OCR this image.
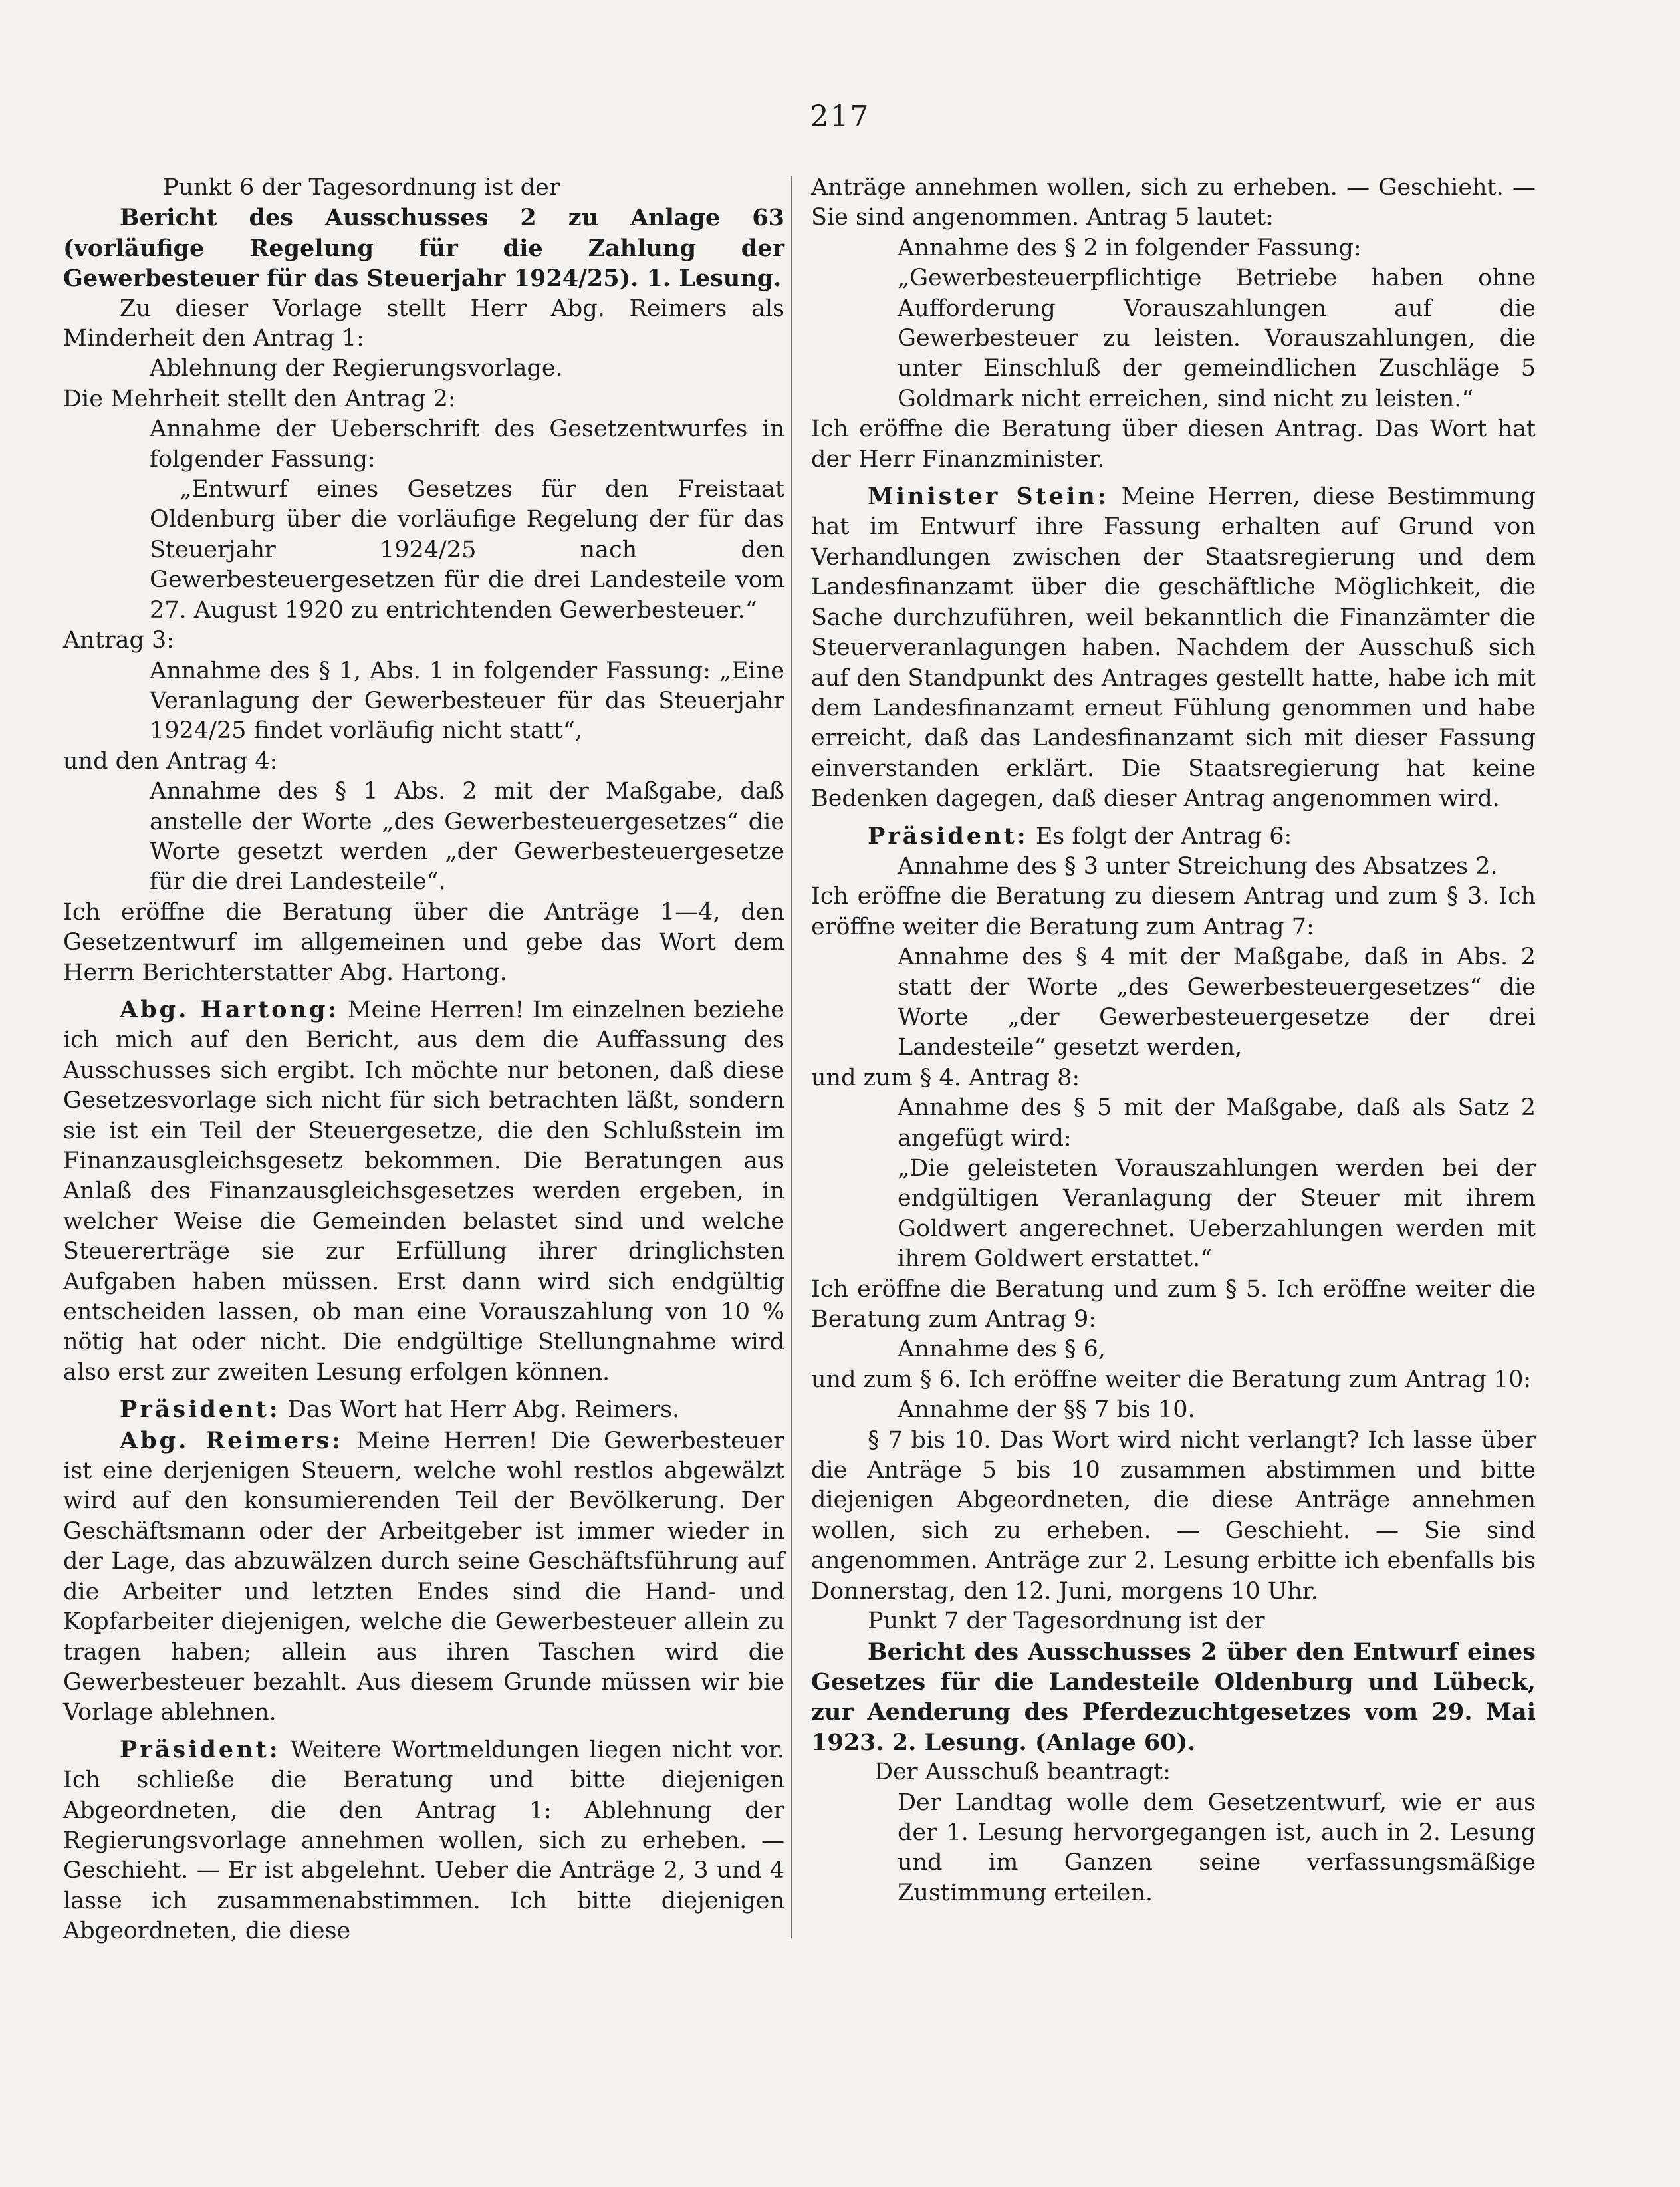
217

Punkt 6 der Tagesordnung ist der

Bericht des Ausschusses 2 zu Anlage 63 (vorläufige Regelung für die Zahlung der Gewerbesteuer für das Steuerjahr 1924/25). 1. Lesung.

Zu dieser Vorlage stellt Herr Abg. Reimers als Minderheit den Antrag 1:

Ablehnung der Regierungsvorlage.

Die Mehrheit stellt den Antrag 2:

Annahme der Ueberschrift des Gesetzentwurfes in folgender Fassung:

„Entwurf eines Gesetzes für den Freistaat Oldenburg über die vorläufige Regelung der für das Steuerjahr 1924/25 nach den Gewerbesteuergesetzen für die drei Landesteile vom 27. August 1920 zu entrichtenden Gewerbesteuer.“

Antrag 3:

Annahme des § 1, Abs. 1 in folgender Fassung: „Eine Veranlagung der Gewerbesteuer für das Steuerjahr 1924/25 findet vorläufig nicht statt“,

und den Antrag 4:

Annahme des § 1 Abs. 2 mit der Maßgabe, daß anstelle der Worte „des Gewerbesteuergesetzes“ die Worte gesetzt werden „der Gewerbesteuergesetze für die drei Landesteile“.

Ich eröffne die Beratung über die Anträge 1—4, den Gesetzentwurf im allgemeinen und gebe das Wort dem Herrn Berichterstatter Abg. Hartong.

Abg. Hartong: Meine Herren! Im einzelnen beziehe ich mich auf den Bericht, aus dem die Auffassung des Ausschusses sich ergibt. Ich möchte nur betonen, daß diese Gesetzesvorlage sich nicht für sich betrachten läßt, sondern sie ist ein Teil der Steuergesetze, die den Schlußstein im Finanzausgleichsgesetz bekommen. Die Beratungen aus Anlaß des Finanzausgleichsgesetzes werden ergeben, in welcher Weise die Gemeinden belastet sind und welche Steuererträge sie zur Erfüllung ihrer dringlichsten Aufgaben haben müssen. Erst dann wird sich endgültig entscheiden lassen, ob man eine Vorauszahlung von 10 % nötig hat oder nicht. Die endgültige Stellungnahme wird also erst zur zweiten Lesung erfolgen können.

Präsident: Das Wort hat Herr Abg. Reimers.

Abg. Reimers: Meine Herren! Die Gewerbesteuer ist eine derjenigen Steuern, welche wohl restlos abgewälzt wird auf den konsumierenden Teil der Bevölkerung. Der Geschäftsmann oder der Arbeitgeber ist immer wieder in der Lage, das abzuwälzen durch seine Geschäftsführung auf die Arbeiter und letzten Endes sind die Hand- und Kopfarbeiter diejenigen, welche die Gewerbesteuer allein zu tragen haben; allein aus ihren Taschen wird die Gewerbesteuer bezahlt. Aus diesem Grunde müssen wir bie Vorlage ablehnen.

Präsident: Weitere Wortmeldungen liegen nicht vor. Ich schließe die Beratung und bitte diejenigen Abgeordneten, die den Antrag 1: Ablehnung der Regierungsvorlage annehmen wollen, sich zu erheben. — Geschieht. — Er ist abgelehnt. Ueber die Anträge 2, 3 und 4 lasse ich zusammenabstimmen. Ich bitte diejenigen Abgeordneten, die diese

Anträge annehmen wollen, sich zu erheben. — Geschieht. — Sie sind angenommen. Antrag 5 lautet:

Annahme des § 2 in folgender Fassung:

„Gewerbesteuerpflichtige Betriebe haben ohne Aufforderung Vorauszahlungen auf die Gewerbesteuer zu leisten. Vorauszahlungen, die unter Einschluß der gemeindlichen Zuschläge 5 Goldmark nicht erreichen, sind nicht zu leisten.“

Ich eröffne die Beratung über diesen Antrag. Das Wort hat der Herr Finanzminister.

Minister Stein: Meine Herren, diese Bestimmung hat im Entwurf ihre Fassung erhalten auf Grund von Verhandlungen zwischen der Staatsregierung und dem Landesfinanzamt über die geschäftliche Möglichkeit, die Sache durchzuführen, weil bekanntlich die Finanzämter die Steuerveranlagungen haben. Nachdem der Ausschuß sich auf den Standpunkt des Antrages gestellt hatte, habe ich mit dem Landesfinanzamt erneut Fühlung genommen und habe erreicht, daß das Landesfinanzamt sich mit dieser Fassung einverstanden erklärt. Die Staatsregierung hat keine Bedenken dagegen, daß dieser Antrag angenommen wird.

Präsident: Es folgt der Antrag 6:

Annahme des § 3 unter Streichung des Absatzes 2.

Ich eröffne die Beratung zu diesem Antrag und zum § 3. Ich eröffne weiter die Beratung zum Antrag 7:

Annahme des § 4 mit der Maßgabe, daß in Abs. 2 statt der Worte „des Gewerbesteuergesetzes“ die Worte „der Gewerbesteuergesetze der drei Landesteile“ gesetzt werden,

und zum § 4. Antrag 8:

Annahme des § 5 mit der Maßgabe, daß als Satz 2 angefügt wird:

„Die geleisteten Vorauszahlungen werden bei der endgültigen Veranlagung der Steuer mit ihrem Goldwert angerechnet. Ueberzahlungen werden mit ihrem Goldwert erstattet.“

Ich eröffne die Beratung und zum § 5. Ich eröffne weiter die Beratung zum Antrag 9:

Annahme des § 6,

und zum § 6. Ich eröffne weiter die Beratung zum Antrag 10:

Annahme der §§ 7 bis 10.

§ 7 bis 10. Das Wort wird nicht verlangt? Ich lasse über die Anträge 5 bis 10 zusammen abstimmen und bitte diejenigen Abgeordneten, die diese Anträge annehmen wollen, sich zu erheben. — Geschieht. — Sie sind angenommen. Anträge zur 2. Lesung erbitte ich ebenfalls bis Donnerstag, den 12. Juni, morgens 10 Uhr.

Punkt 7 der Tagesordnung ist der

Bericht des Ausschusses 2 über den Entwurf eines Gesetzes für die Landesteile Oldenburg und Lübeck, zur Aenderung des Pferdezuchtgesetzes vom 29. Mai 1923. 2. Lesung. (Anlage 60).

Der Ausschuß beantragt:

Der Landtag wolle dem Gesetzentwurf, wie er aus der 1. Lesung hervorgegangen ist, auch in 2. Lesung und im Ganzen seine verfassungsmäßige Zustimmung erteilen.
